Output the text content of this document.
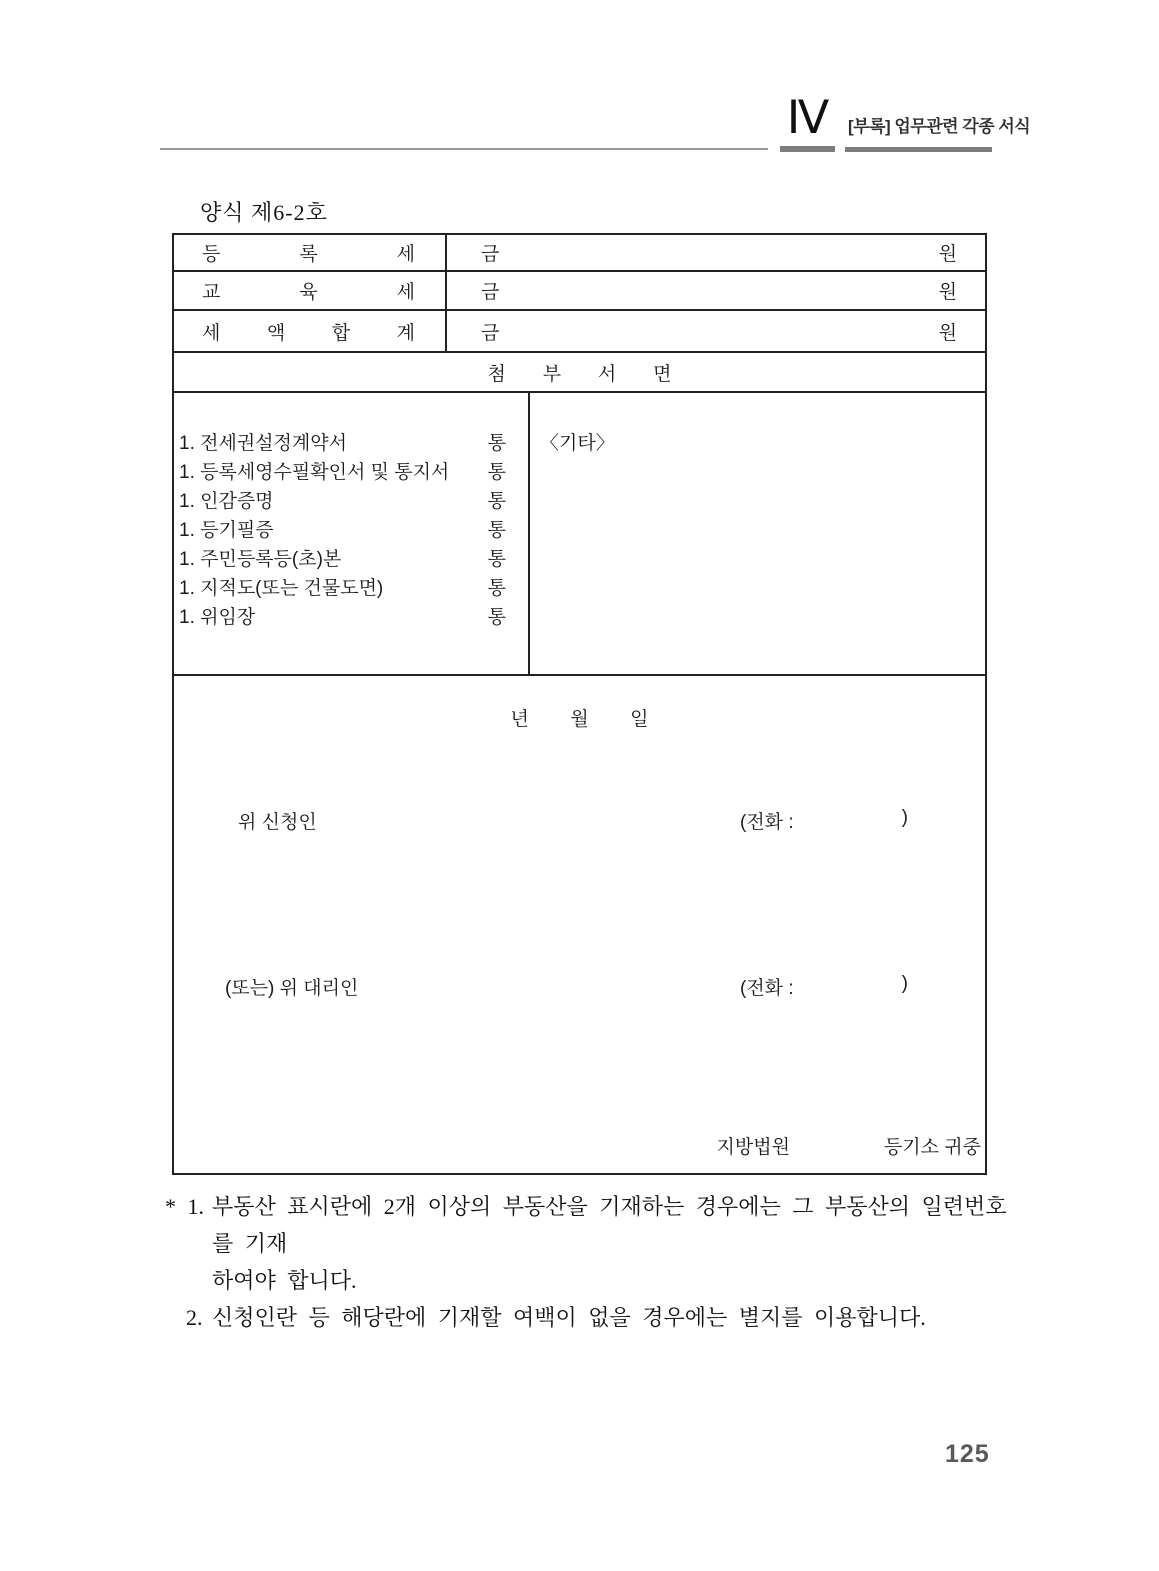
Ⅳ	[부록] 업무관련 각종 서식
양식 제6-2호
등	록	세	금	원
교	육	세	금	원
세 액 합 계	금	원
첨 부 서 면
1. 전세권설정계약서	통
1. 등록세영수필확인서 및 통지서 통
1. 인감증명	통
1. 등기필증	통
1. 주민등록등(초)본	통
1. 지적도(또는 건물도면)	통
1. 위임장	통
〈기타〉
년 월 일
위 신청인	(전화 :	)
(또는) 위 대리인	(전화 :	)
지방법원	등기소 귀중
* 1. 부동산 표시란에 2개 이상의 부동산을 기재하는 경우에는 그 부동산의 일련번호를 기재
하여야 합니다.
2. 신청인란 등 해당란에 기재할 여백이 없을 경우에는 별지를 이용합니다.
125
